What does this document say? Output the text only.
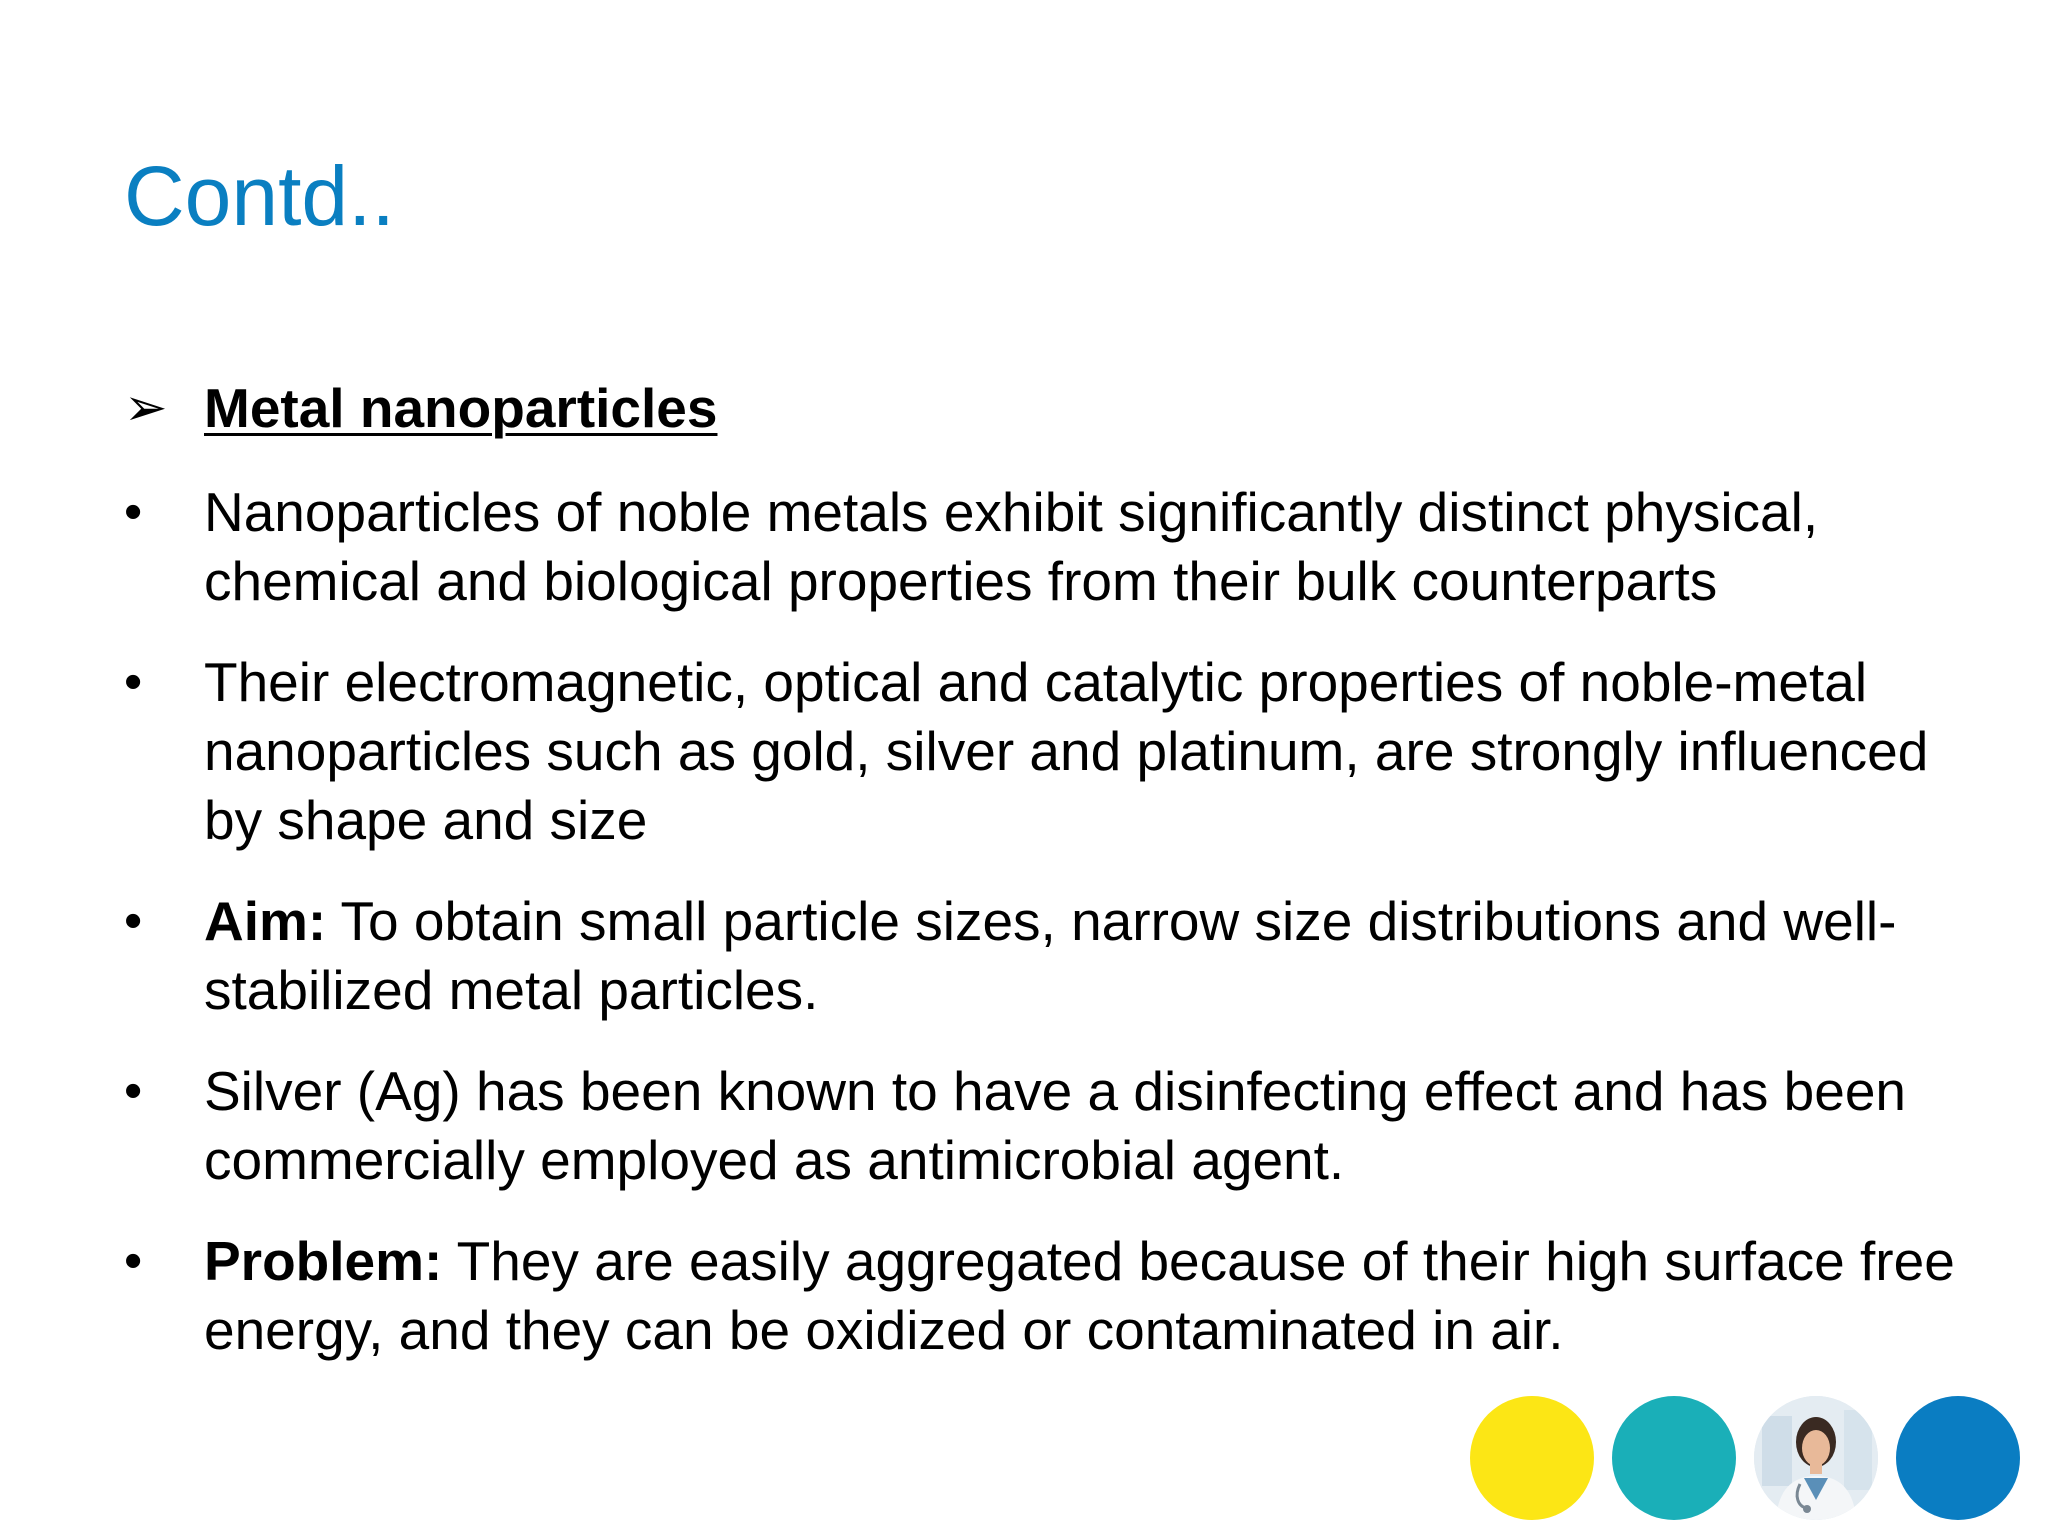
Contd..
➢ Metal nanoparticles
•	Nanoparticles of noble metals exhibit significantly distinct physical, chemical and biological properties from their bulk counterparts
•	Their electromagnetic, optical and catalytic properties of noble-metal nanoparticles such as gold, silver and platinum, are strongly influenced by shape and size
•	Aim: To obtain small particle sizes, narrow size distributions and well-stabilized metal particles.
•	Silver (Ag) has been known to have a disinfecting effect and has been commercially employed as antimicrobial agent.
•	Problem: They are easily aggregated because of their high surface free energy, and they can be oxidized or contaminated in air.
